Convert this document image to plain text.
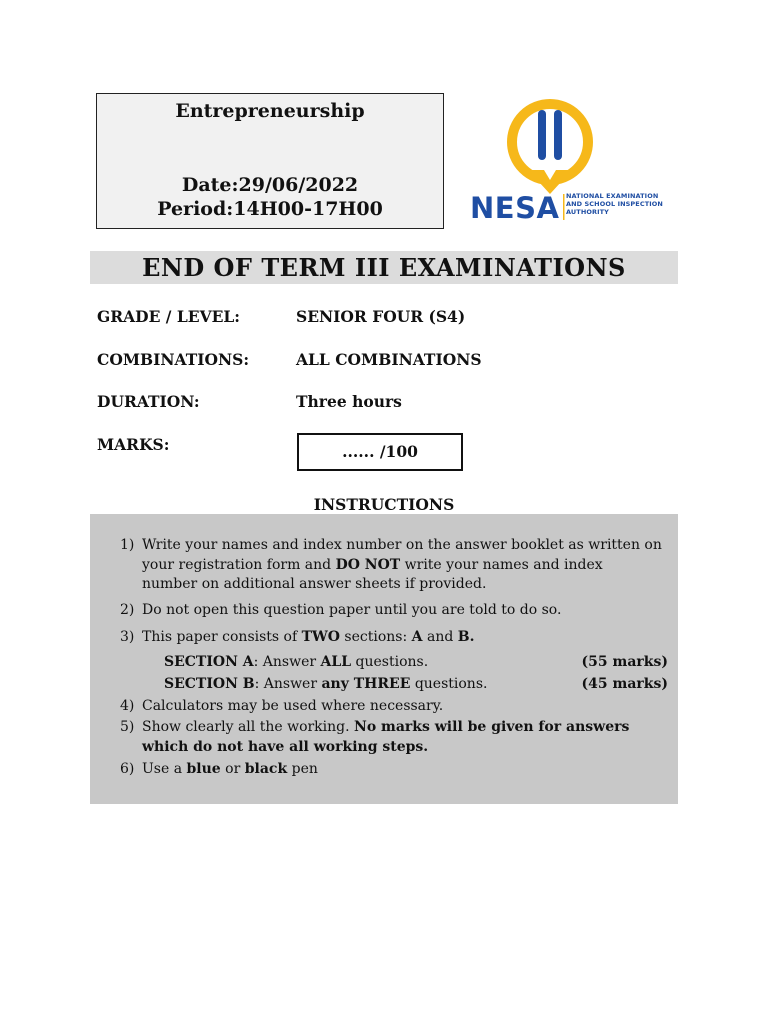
Entrepreneurship
Date:29/06/2022
Period:14H00-17H00	NESA NATIONAL EXAMINATION
AND SCHOOL INSPECTION
AUTHORITY
END OF TERM III EXAMINATIONS
GRADE / LEVEL:	SENIOR FOUR (S4)
COMBINATIONS:	ALL COMBINATIONS
DURATION:	Three hours
MARKS:	...... /100
INSTRUCTIONS
1) Write your names and index number on the answer booklet as written on your registration form and DO NOT write your names and index number on additional answer sheets if provided.
2) Do not open this question paper until you are told to do so.
3) This paper consists of TWO sections: A and B.
SECTION A: Answer ALL questions.	(55 marks)
SECTION B: Answer any THREE questions.	(45 marks)
4) Calculators may be used where necessary.
5) Show clearly all the working. No marks will be given for answers which do not have all working steps.
6) Use a blue or black pen
